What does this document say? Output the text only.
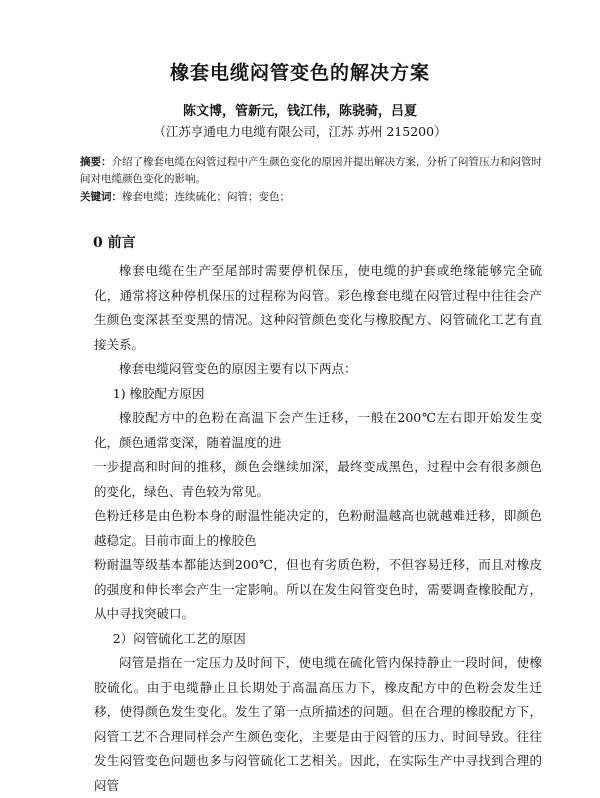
橡套电缆闷管变色的解决方案
陈文博，管新元，钱江伟，陈骁骑，吕夏
（江苏亨通电力电缆有限公司，江苏 苏州 215200）
摘要：介绍了橡套电缆在闷管过程中产生颜色变化的原因并提出解决方案，分析了闷管压力和闷管时间对电缆颜色变化的影响。
关键词：橡套电缆；连续硫化；闷管；变色；
0 前言

橡套电缆在生产至尾部时需要停机保压，使电缆的护套或绝缘能够完全硫化，通常将这种停机保压的过程称为闷管。彩色橡套电缆在闷管过程中往往会产生颜色变深甚至变黑的情况。这种闷管颜色变化与橡胶配方、闷管硫化工艺有直接关系。

橡套电缆闷管变色的原因主要有以下两点：

1) 橡胶配方原因

橡胶配方中的色粉在高温下会产生迁移，一般在200℃左右即开始发生变化，颜色通常变深，随着温度的进

一步提高和时间的推移，颜色会继续加深，最终变成黑色，过程中会有很多颜色的变化，绿色、青色较为常见。

色粉迁移是由色粉本身的耐温性能决定的，色粉耐温越高也就越难迁移，即颜色越稳定。目前市面上的橡胶色

粉耐温等级基本都能达到200℃，但也有劣质色粉，不但容易迁移，而且对橡皮的强度和伸长率会产生一定影响。所以在发生闷管变色时，需要调查橡胶配方，从中寻找突破口。

2）闷管硫化工艺的原因

闷管是指在一定压力及时间下，使电缆在硫化管内保持静止一段时间，使橡胶硫化。由于电缆静止且长期处于高温高压力下，橡皮配方中的色粉会发生迁移，使得颜色发生变化。发生了第一点所描述的问题。但在合理的橡胶配方下，闷管工艺不合理同样会产生颜色变化，主要是由于闷管的压力、时间导致。往往发生闷管变色问题也多与闷管硫化工艺相关。因此，在实际生产中寻找到合理的闷管
